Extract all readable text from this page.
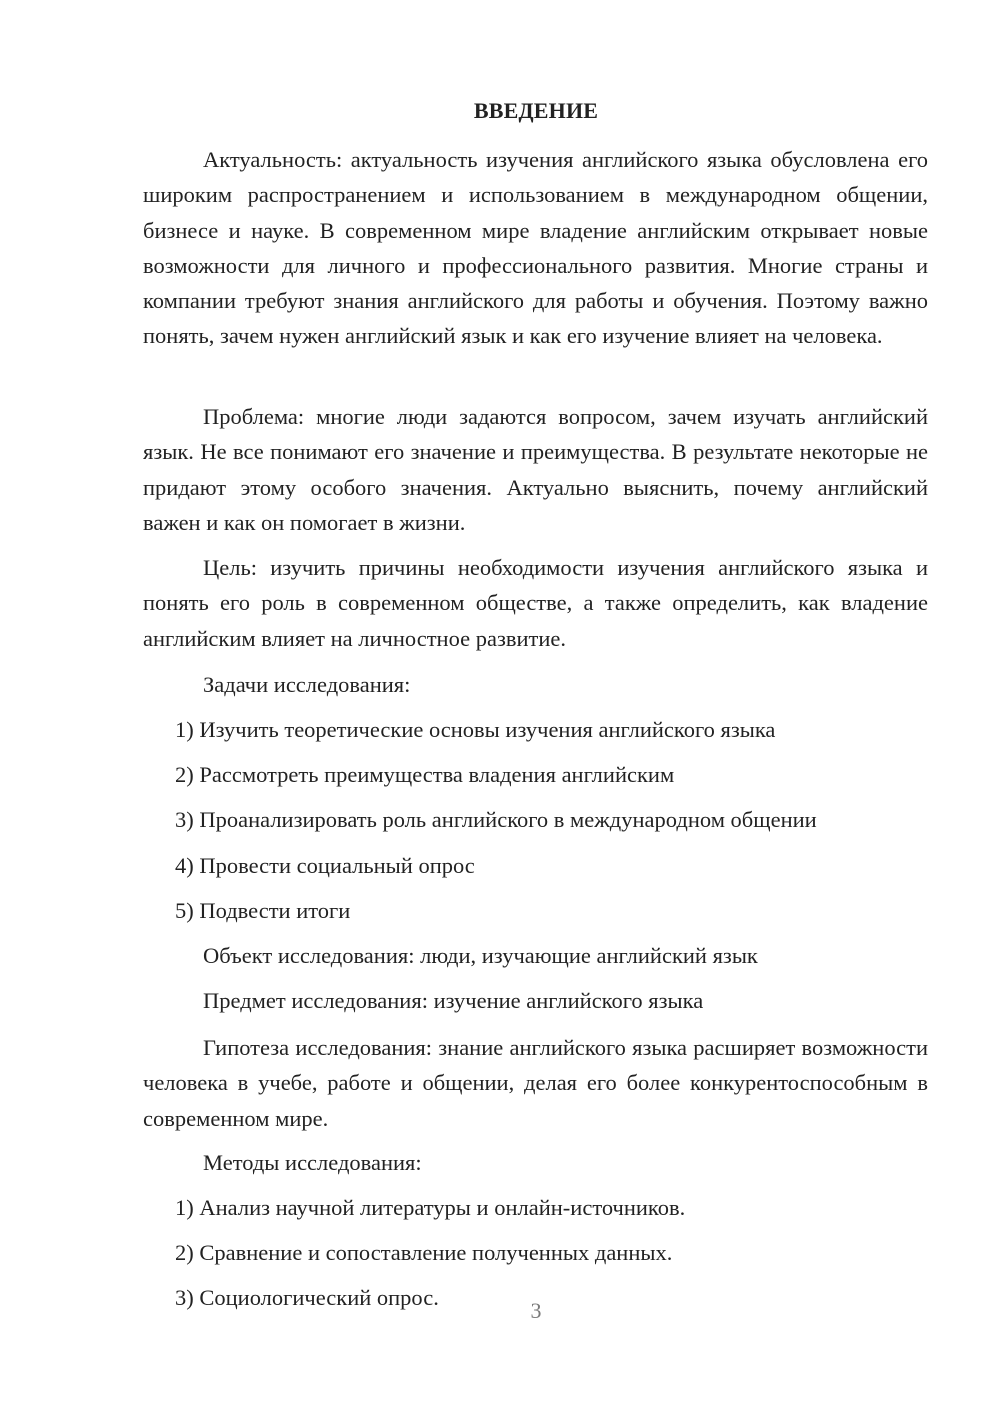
ВВЕДЕНИЕ

Актуальность: актуальность изучения английского языка обусловлена его широким распространением и использованием в международном общении, бизнесе и науке. В современном мире владение английским открывает новые возможности для личного и профессионального развития. Многие страны и компании требуют знания английского для работы и обучения. Поэтому важно понять, зачем нужен английский язык и как его изучение влияет на человека.

Проблема: многие люди задаются вопросом, зачем изучать английский язык. Не все понимают его значение и преимущества. В результате некоторые не придают этому особого значения. Актуально выяснить, почему английский важен и как он помогает в жизни.

Цель: изучить причины необходимости изучения английского языка и понять его роль в современном обществе, а также определить, как владение английским влияет на личностное развитие.

Задачи исследования:

1) Изучить теоретические основы изучения английского языка

2) Рассмотреть преимущества владения английским

3) Проанализировать роль английского в международном общении

4) Провести социальный опрос

5) Подвести итоги

Объект исследования: люди, изучающие английский язык

Предмет исследования: изучение английского языка

Гипотеза исследования: знание английского языка расширяет возможности человека в учебе, работе и общении, делая его более конкурентоспособным в современном мире.

Методы исследования:

1) Анализ научной литературы и онлайн-источников.

2) Сравнение и сопоставление полученных данных.

3) Социологический опрос.

3
